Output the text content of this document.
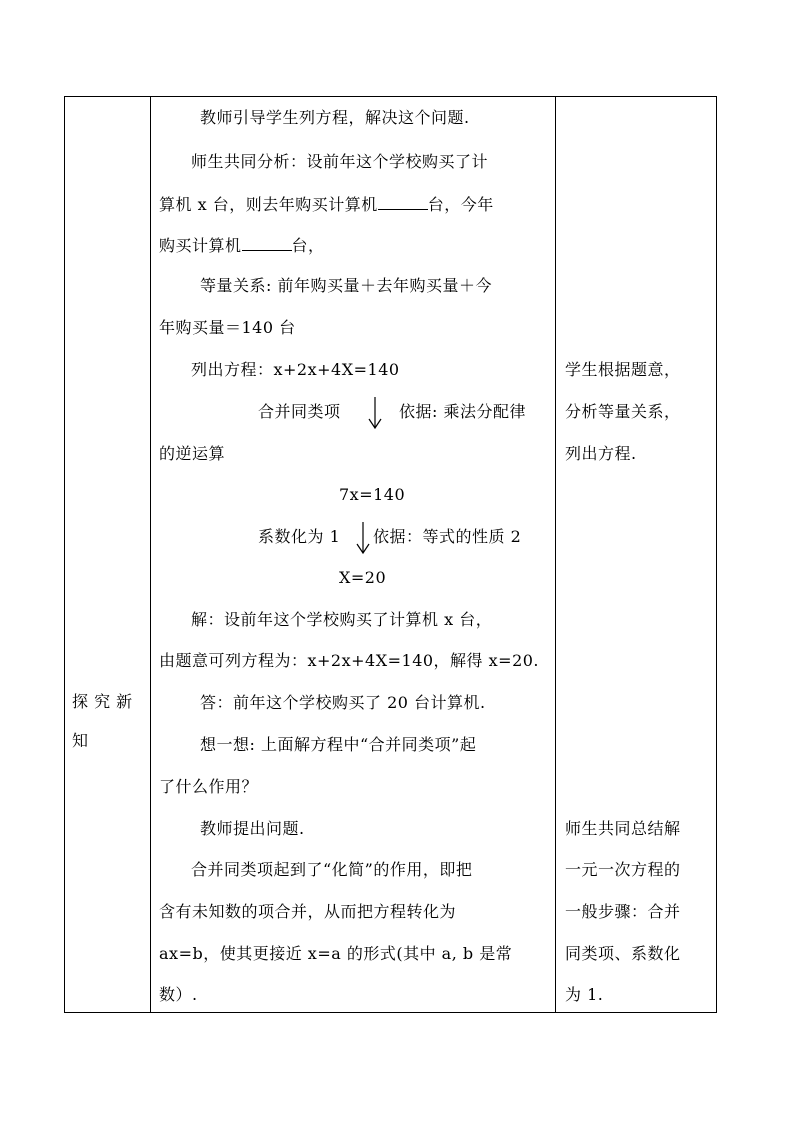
探 究 新
知
教师引导学生列方程，解决这个问题.
师生共同分析：设前年这个学校购买了计
算机 x 台，则去年购买计算机	台，今年
购买计算机	台，
等量关系: 前年购买量＋去年购买量＋今
年购买量＝140 台
列出方程：x+2x+4X=140
合并同类项	依据: 乘法分配律
的逆运算
7x=140
系数化为 1 依据：等式的性质 2
X=20
解：设前年这个学校购买了计算机 x 台，
由题意可列方程为：x+2x+4X=140，解得 x=20.
答：前年这个学校购买了 20 台计算机.
想一想: 上面解方程中“合并同类项”起
了什么作用？
教师提出问题.
合并同类项起到了“化简”的作用，即把
含有未知数的项合并，从而把方程转化为
ax=b，使其更接近 x=a 的形式(其中 a, b 是常
数）.
学生根据题意，
分析等量关系，
列出方程.
师生共同总结解
一元一次方程的
一般步骤：合并
同类项、系数化
为 1.
